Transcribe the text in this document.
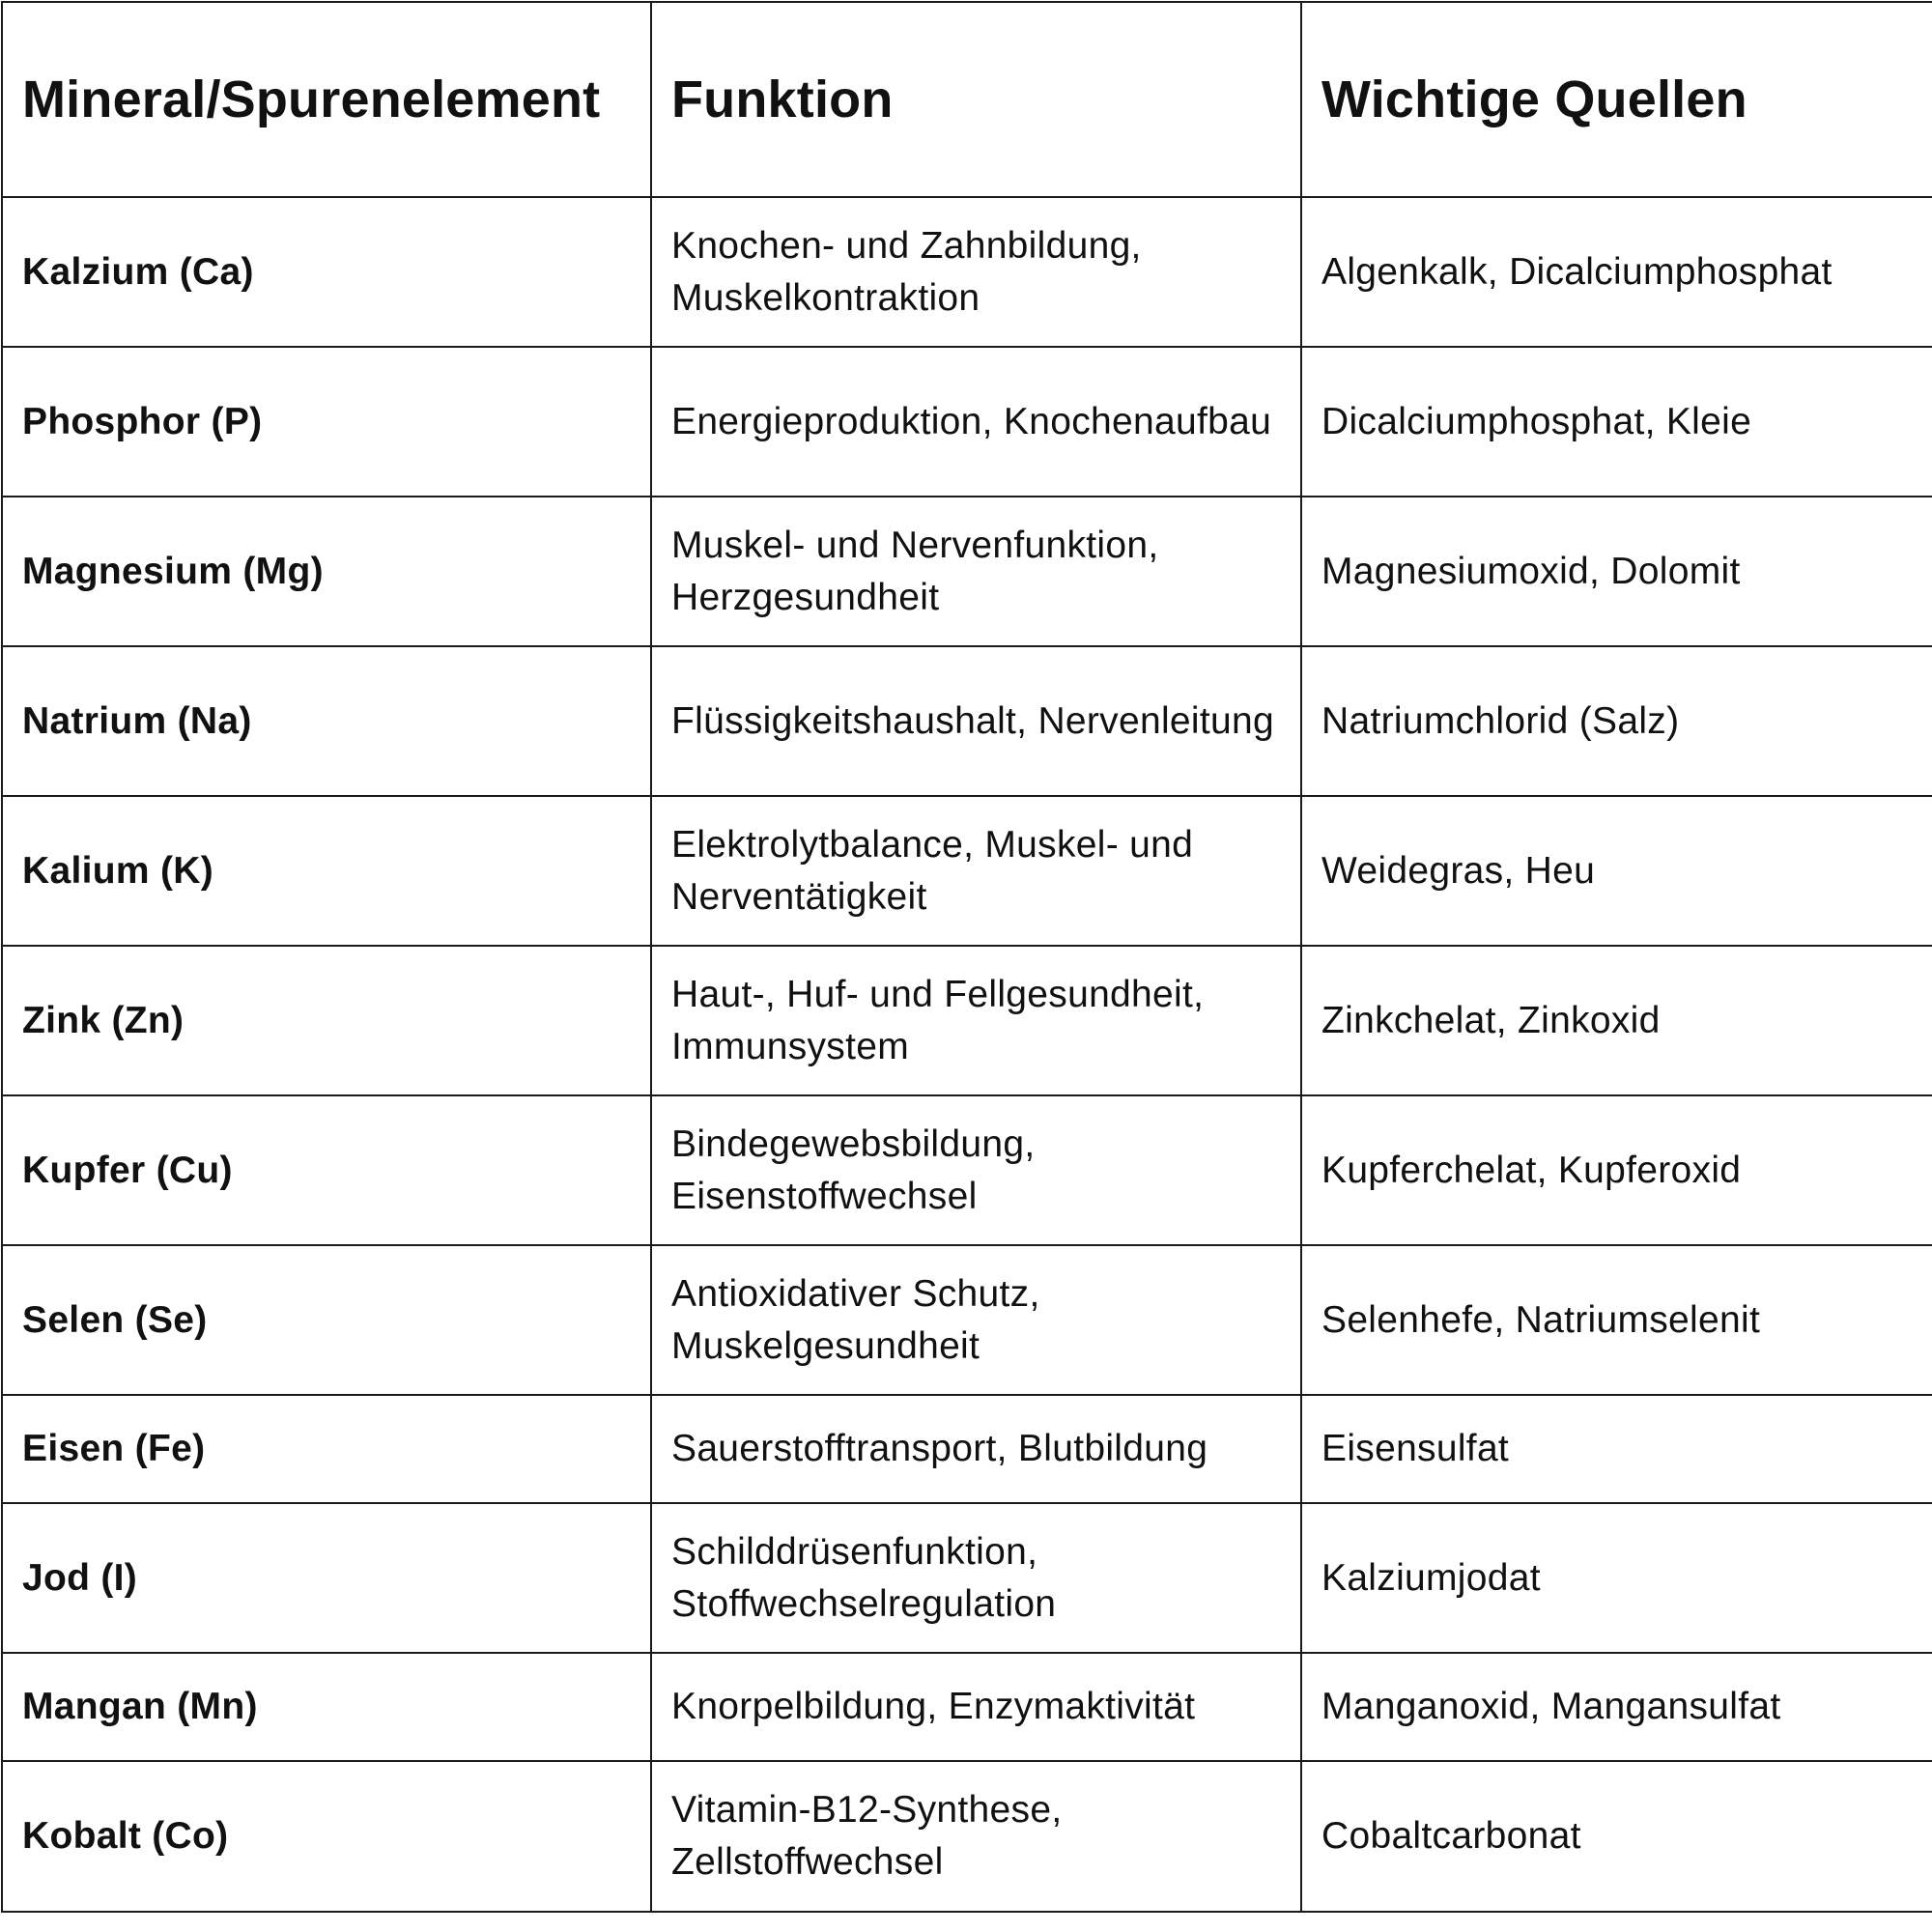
Mineral/Spurenelement	Funktion	Wichtige Quellen
Kalzium (Ca)	Knochen- und Zahnbildung, Muskelkontraktion	Algenkalk, Dicalciumphosphat
Phosphor (P)	Energieproduktion, Knochenaufbau	Dicalciumphosphat, Kleie
Magnesium (Mg)	Muskel- und Nervenfunktion, Herzgesundheit	Magnesiumoxid, Dolomit
Natrium (Na)	Flüssigkeitshaushalt, Nervenleitung	Natriumchlorid (Salz)
Kalium (K)	Elektrolytbalance, Muskel- und Nerventätigkeit	Weidegras, Heu
Zink (Zn)	Haut-, Huf- und Fellgesundheit, Immunsystem	Zinkchelat, Zinkoxid
Kupfer (Cu)	Bindegewebsbildung, Eisenstoffwechsel	Kupferchelat, Kupferoxid
Selen (Se)	Antioxidativer Schutz, Muskelgesundheit	Selenhefe, Natriumselenit
Eisen (Fe)	Sauerstofftransport, Blutbildung	Eisensulfat
Jod (I)	Schilddrüsenfunktion, Stoffwechselregulation	Kalziumjodat
Mangan (Mn)	Knorpelbildung, Enzymaktivität	Manganoxid, Mangansulfat
Kobalt (Co)	Vitamin-B12-Synthese, Zellstoffwechsel	Cobaltcarbonat
